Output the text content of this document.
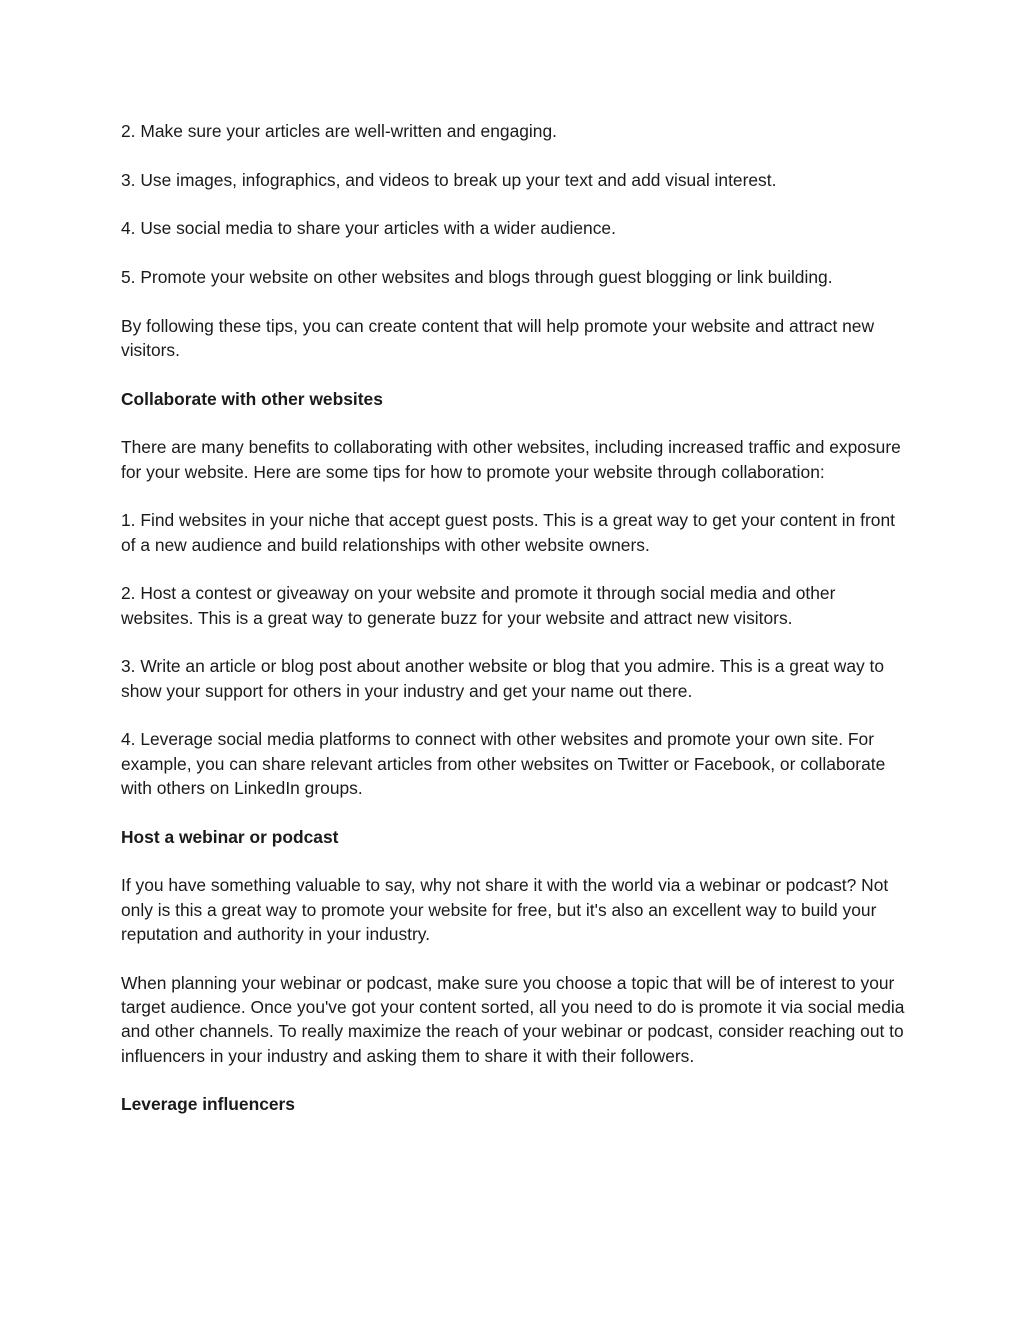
2. Make sure your articles are well-written and engaging.

3. Use images, infographics, and videos to break up your text and add visual interest.

4. Use social media to share your articles with a wider audience.

5. Promote your website on other websites and blogs through guest blogging or link building.

By following these tips, you can create content that will help promote your website and attract new visitors.

Collaborate with other websites

There are many benefits to collaborating with other websites, including increased traffic and exposure for your website. Here are some tips for how to promote your website through collaboration:

1. Find websites in your niche that accept guest posts. This is a great way to get your content in front of a new audience and build relationships with other website owners.

2. Host a contest or giveaway on your website and promote it through social media and other websites. This is a great way to generate buzz for your website and attract new visitors.

3. Write an article or blog post about another website or blog that you admire. This is a great way to show your support for others in your industry and get your name out there.

4. Leverage social media platforms to connect with other websites and promote your own site. For example, you can share relevant articles from other websites on Twitter or Facebook, or collaborate with others on LinkedIn groups.

Host a webinar or podcast

If you have something valuable to say, why not share it with the world via a webinar or podcast? Not only is this a great way to promote your website for free, but it's also an excellent way to build your reputation and authority in your industry.

When planning your webinar or podcast, make sure you choose a topic that will be of interest to your target audience. Once you've got your content sorted, all you need to do is promote it via social media and other channels. To really maximize the reach of your webinar or podcast, consider reaching out to influencers in your industry and asking them to share it with their followers.

Leverage influencers
